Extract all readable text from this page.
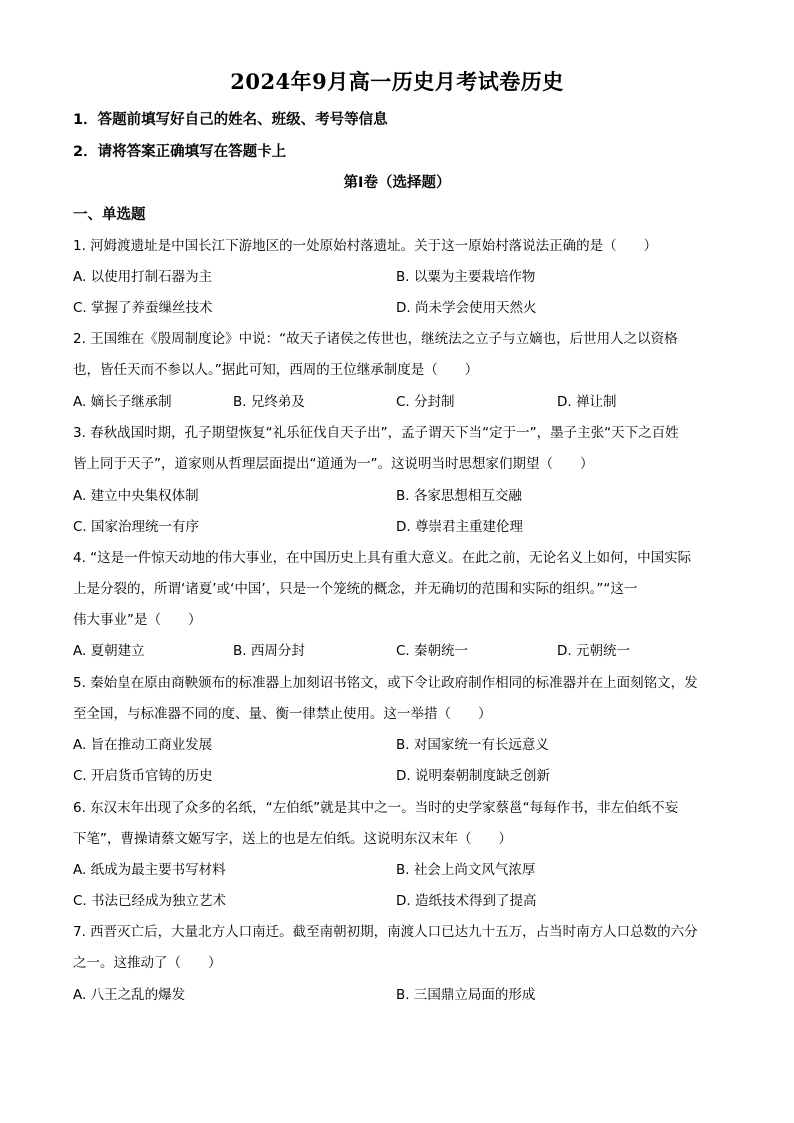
2024年9月高一历史月考试卷历史
1．答题前填写好自己的姓名、班级、考号等信息
2．请将答案正确填写在答题卡上
第I卷（选择题）
一、单选题
1. 河姆渡遗址是中国长江下游地区的一处原始村落遗址。关于这一原始村落说法正确的是（　　）
A. 以使用打制石器为主	B. 以粟为主要栽培作物
C. 掌握了养蚕缫丝技术	D. 尚未学会使用天然火
2. 王国维在《殷周制度论》中说：“故天子诸侯之传世也，继统法之立子与立嫡也，后世用人之以资格
也，皆任天而不参以人。”据此可知，西周的王位继承制度是（　　）
A. 嫡长子继承制	B. 兄终弟及	C. 分封制	D. 禅让制
3. 春秋战国时期，孔子期望恢复“礼乐征伐自天子出”，孟子谓天下当“定于一”，墨子主张“天下之百姓
皆上同于天子”，道家则从哲理层面提出“道通为一”。这说明当时思想家们期望（　　）
A. 建立中央集权体制	B. 各家思想相互交融
C. 国家治理统一有序	D. 尊崇君主重建伦理
4. “这是一件惊天动地的伟大事业，在中国历史上具有重大意义。在此之前，无论名义上如何，中国实际
上是分裂的，所谓‘诸夏’或‘中国’，只是一个笼统的概念，并无确切的范围和实际的组织。”“这一
伟大事业”是（　　）
A. 夏朝建立	B. 西周分封	C. 秦朝统一	D. 元朝统一
5. 秦始皇在原由商鞅颁布的标准器上加刻诏书铭文，或下令让政府制作相同的标准器并在上面刻铭文，发
至全国，与标准器不同的度、量、衡一律禁止使用。这一举措（　　）
A. 旨在推动工商业发展	B. 对国家统一有长远意义
C. 开启货币官铸的历史	D. 说明秦朝制度缺乏创新
6. 东汉末年出现了众多的名纸，“左伯纸”就是其中之一。当时的史学家蔡邕“每每作书，非左伯纸不妄
下笔”，曹操请蔡文姬写字，送上的也是左伯纸。这说明东汉末年（　　）
A. 纸成为最主要书写材料	B. 社会上尚文风气浓厚
C. 书法已经成为独立艺术	D. 造纸技术得到了提高
7. 西晋灭亡后，大量北方人口南迁。截至南朝初期，南渡人口已达九十五万，占当时南方人口总数的六分
之一。这推动了（　　）
A. 八王之乱的爆发	B. 三国鼎立局面的形成
